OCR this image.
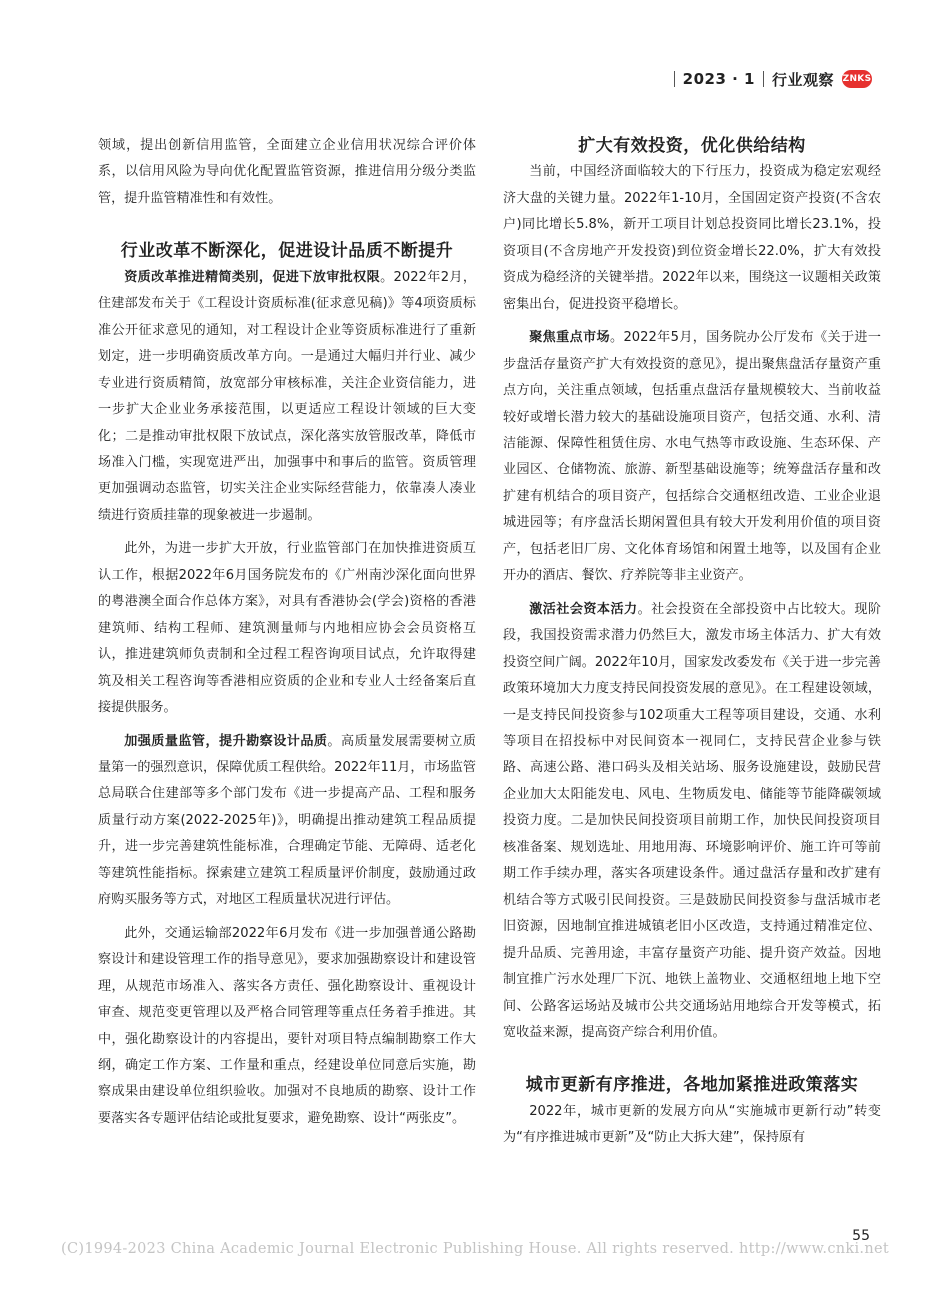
2023 · 1 行业观察 ZNKS

领域，提出创新信用监管，全面建立企业信用状况综合评价体系，以信用风险为导向优化配置监管资源，推进信用分级分类监管，提升监管精准性和有效性。

行业改革不断深化，促进设计品质不断提升

资质改革推进精简类别，促进下放审批权限。2022年2月，住建部发布关于《工程设计资质标准(征求意见稿)》等4项资质标准公开征求意见的通知，对工程设计企业等资质标准进行了重新划定，进一步明确资质改革方向。一是通过大幅归并行业、减少专业进行资质精简，放宽部分审核标准，关注企业资信能力，进一步扩大企业业务承接范围，以更适应工程设计领域的巨大变化；二是推动审批权限下放试点，深化落实放管服改革，降低市场准入门槛，实现宽进严出，加强事中和事后的监管。资质管理更加强调动态监管，切实关注企业实际经营能力，依靠凑人凑业绩进行资质挂靠的现象被进一步遏制。

此外，为进一步扩大开放，行业监管部门在加快推进资质互认工作，根据2022年6月国务院发布的《广州南沙深化面向世界的粤港澳全面合作总体方案》，对具有香港协会(学会)资格的香港建筑师、结构工程师、建筑测量师与内地相应协会会员资格互认，推进建筑师负责制和全过程工程咨询项目试点，允许取得建筑及相关工程咨询等香港相应资质的企业和专业人士经备案后直接提供服务。

加强质量监管，提升勘察设计品质。高质量发展需要树立质量第一的强烈意识，保障优质工程供给。2022年11月，市场监管总局联合住建部等多个部门发布《进一步提高产品、工程和服务质量行动方案(2022-2025年)》，明确提出推动建筑工程品质提升，进一步完善建筑性能标准，合理确定节能、无障碍、适老化等建筑性能指标。探索建立建筑工程质量评价制度，鼓励通过政府购买服务等方式，对地区工程质量状况进行评估。

此外，交通运输部2022年6月发布《进一步加强普通公路勘察设计和建设管理工作的指导意见》，要求加强勘察设计和建设管理，从规范市场准入、落实各方责任、强化勘察设计、重视设计审查、规范变更管理以及严格合同管理等重点任务着手推进。其中，强化勘察设计的内容提出，要针对项目特点编制勘察工作大纲，确定工作方案、工作量和重点，经建设单位同意后实施，勘察成果由建设单位组织验收。加强对不良地质的勘察、设计工作要落实各专题评估结论或批复要求，避免勘察、设计“两张皮”。

扩大有效投资，优化供给结构

当前，中国经济面临较大的下行压力，投资成为稳定宏观经济大盘的关键力量。2022年1-10月，全国固定资产投资(不含农户)同比增长5.8%，新开工项目计划总投资同比增长23.1%，投资项目(不含房地产开发投资)到位资金增长22.0%，扩大有效投资成为稳经济的关键举措。2022年以来，围绕这一议题相关政策密集出台，促进投资平稳增长。

聚焦重点市场。2022年5月，国务院办公厅发布《关于进一步盘活存量资产扩大有效投资的意见》，提出聚焦盘活存量资产重点方向，关注重点领域，包括重点盘活存量规模较大、当前收益较好或增长潜力较大的基础设施项目资产，包括交通、水利、清洁能源、保障性租赁住房、水电气热等市政设施、生态环保、产业园区、仓储物流、旅游、新型基础设施等；统筹盘活存量和改扩建有机结合的项目资产，包括综合交通枢纽改造、工业企业退城进园等；有序盘活长期闲置但具有较大开发利用价值的项目资产，包括老旧厂房、文化体育场馆和闲置土地等，以及国有企业开办的酒店、餐饮、疗养院等非主业资产。

激活社会资本活力。社会投资在全部投资中占比较大。现阶段，我国投资需求潜力仍然巨大，激发市场主体活力、扩大有效投资空间广阔。2022年10月，国家发改委发布《关于进一步完善政策环境加大力度支持民间投资发展的意见》。在工程建设领域，一是支持民间投资参与102项重大工程等项目建设，交通、水利等项目在招投标中对民间资本一视同仁，支持民营企业参与铁路、高速公路、港口码头及相关站场、服务设施建设，鼓励民营企业加大太阳能发电、风电、生物质发电、储能等节能降碳领域投资力度。二是加快民间投资项目前期工作，加快民间投资项目核准备案、规划选址、用地用海、环境影响评价、施工许可等前期工作手续办理，落实各项建设条件。通过盘活存量和改扩建有机结合等方式吸引民间投资。三是鼓励民间投资参与盘活城市老旧资源，因地制宜推进城镇老旧小区改造，支持通过精准定位、提升品质、完善用途，丰富存量资产功能、提升资产效益。因地制宜推广污水处理厂下沉、地铁上盖物业、交通枢纽地上地下空间、公路客运场站及城市公共交通场站用地综合开发等模式，拓宽收益来源，提高资产综合利用价值。

城市更新有序推进，各地加紧推进政策落实

2022年，城市更新的发展方向从“实施城市更新行动”转变为“有序推进城市更新”及“防止大拆大建”，保持原有

55
(C)1994-2023 China Academic Journal Electronic Publishing House. All rights reserved. http://www.cnki.net
